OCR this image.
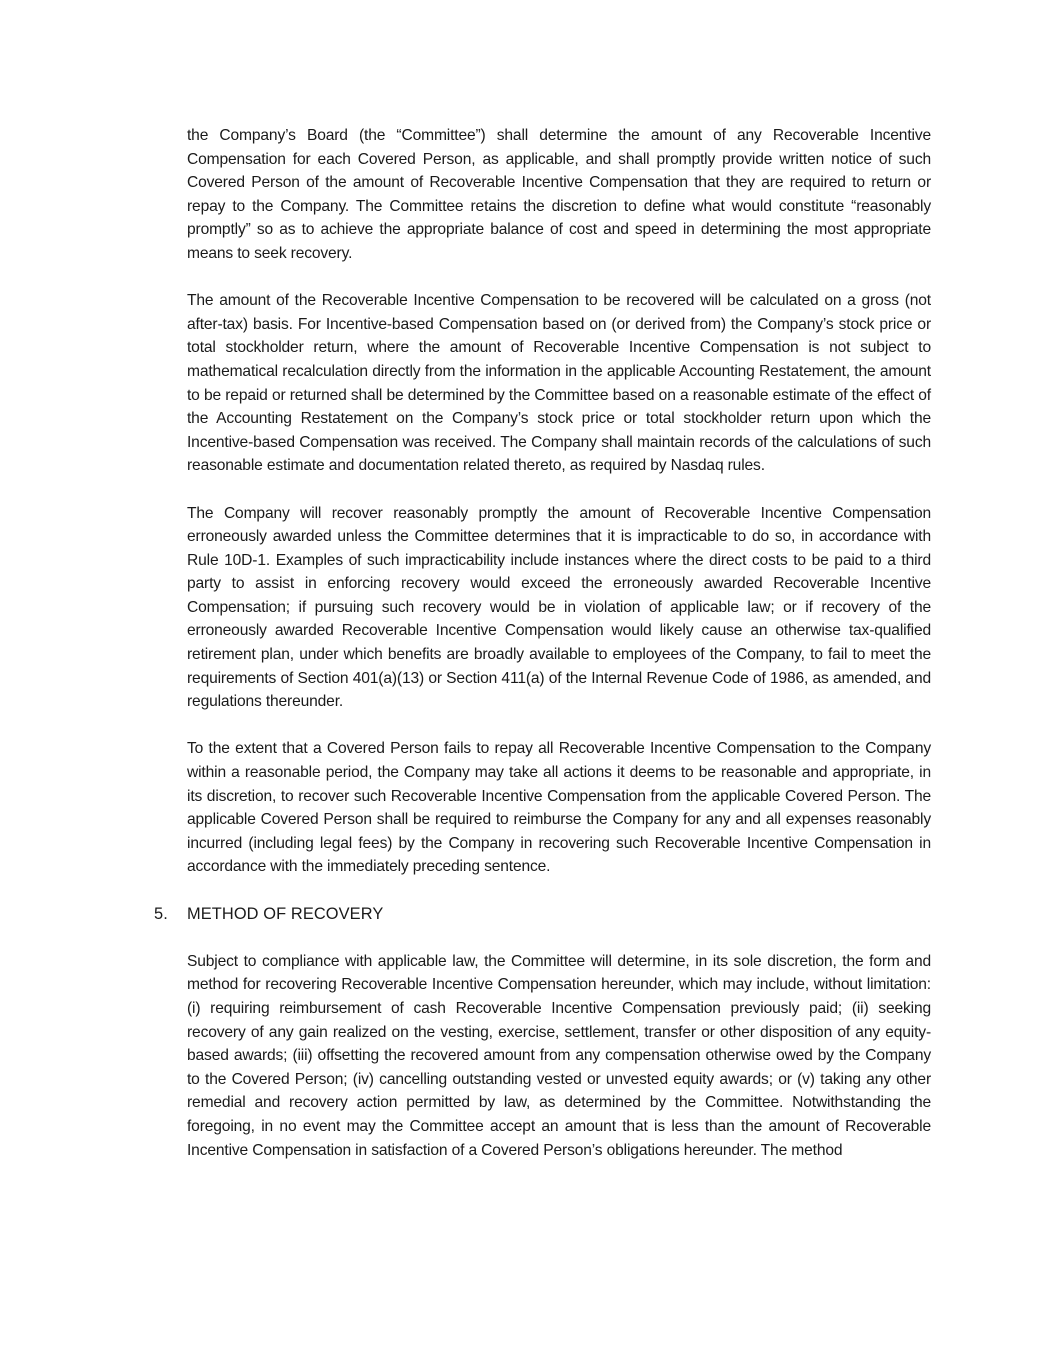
the Company’s Board (the “Committee”) shall determine the amount of any Recoverable Incentive Compensation for each Covered Person, as applicable, and shall promptly provide written notice of such Covered Person of the amount of Recoverable Incentive Compensation that they are required to return or repay to the Company. The Committee retains the discretion to define what would constitute “reasonably promptly” so as to achieve the appropriate balance of cost and speed in determining the most appropriate means to seek recovery.

The amount of the Recoverable Incentive Compensation to be recovered will be calculated on a gross (not after-tax) basis. For Incentive-based Compensation based on (or derived from) the Company’s stock price or total stockholder return, where the amount of Recoverable Incentive Compensation is not subject to mathematical recalculation directly from the information in the applicable Accounting Restatement, the amount to be repaid or returned shall be determined by the Committee based on a reasonable estimate of the effect of the Accounting Restatement on the Company’s stock price or total stockholder return upon which the Incentive-based Compensation was received. The Company shall maintain records of the calculations of such reasonable estimate and documentation related thereto, as required by Nasdaq rules.

The Company will recover reasonably promptly the amount of Recoverable Incentive Compensation erroneously awarded unless the Committee determines that it is impracticable to do so, in accordance with Rule 10D-1. Examples of such impracticability include instances where the direct costs to be paid to a third party to assist in enforcing recovery would exceed the erroneously awarded Recoverable Incentive Compensation; if pursuing such recovery would be in violation of applicable law; or if recovery of the erroneously awarded Recoverable Incentive Compensation would likely cause an otherwise tax-qualified retirement plan, under which benefits are broadly available to employees of the Company, to fail to meet the requirements of Section 401(a)(13) or Section 411(a) of the Internal Revenue Code of 1986, as amended, and regulations thereunder.

To the extent that a Covered Person fails to repay all Recoverable Incentive Compensation to the Company within a reasonable period, the Company may take all actions it deems to be reasonable and appropriate, in its discretion, to recover such Recoverable Incentive Compensation from the applicable Covered Person. The applicable Covered Person shall be required to reimburse the Company for any and all expenses reasonably incurred (including legal fees) by the Company in recovering such Recoverable Incentive Compensation in accordance with the immediately preceding sentence.

5. METHOD OF RECOVERY

Subject to compliance with applicable law, the Committee will determine, in its sole discretion, the form and method for recovering Recoverable Incentive Compensation hereunder, which may include, without limitation: (i) requiring reimbursement of cash Recoverable Incentive Compensation previously paid; (ii) seeking recovery of any gain realized on the vesting, exercise, settlement, transfer or other disposition of any equity-based awards; (iii) offsetting the recovered amount from any compensation otherwise owed by the Company to the Covered Person; (iv) cancelling outstanding vested or unvested equity awards; or (v) taking any other remedial and recovery action permitted by law, as determined by the Committee. Notwithstanding the foregoing, in no event may the Committee accept an amount that is less than the amount of Recoverable Incentive Compensation in satisfaction of a Covered Person’s obligations hereunder. The method
